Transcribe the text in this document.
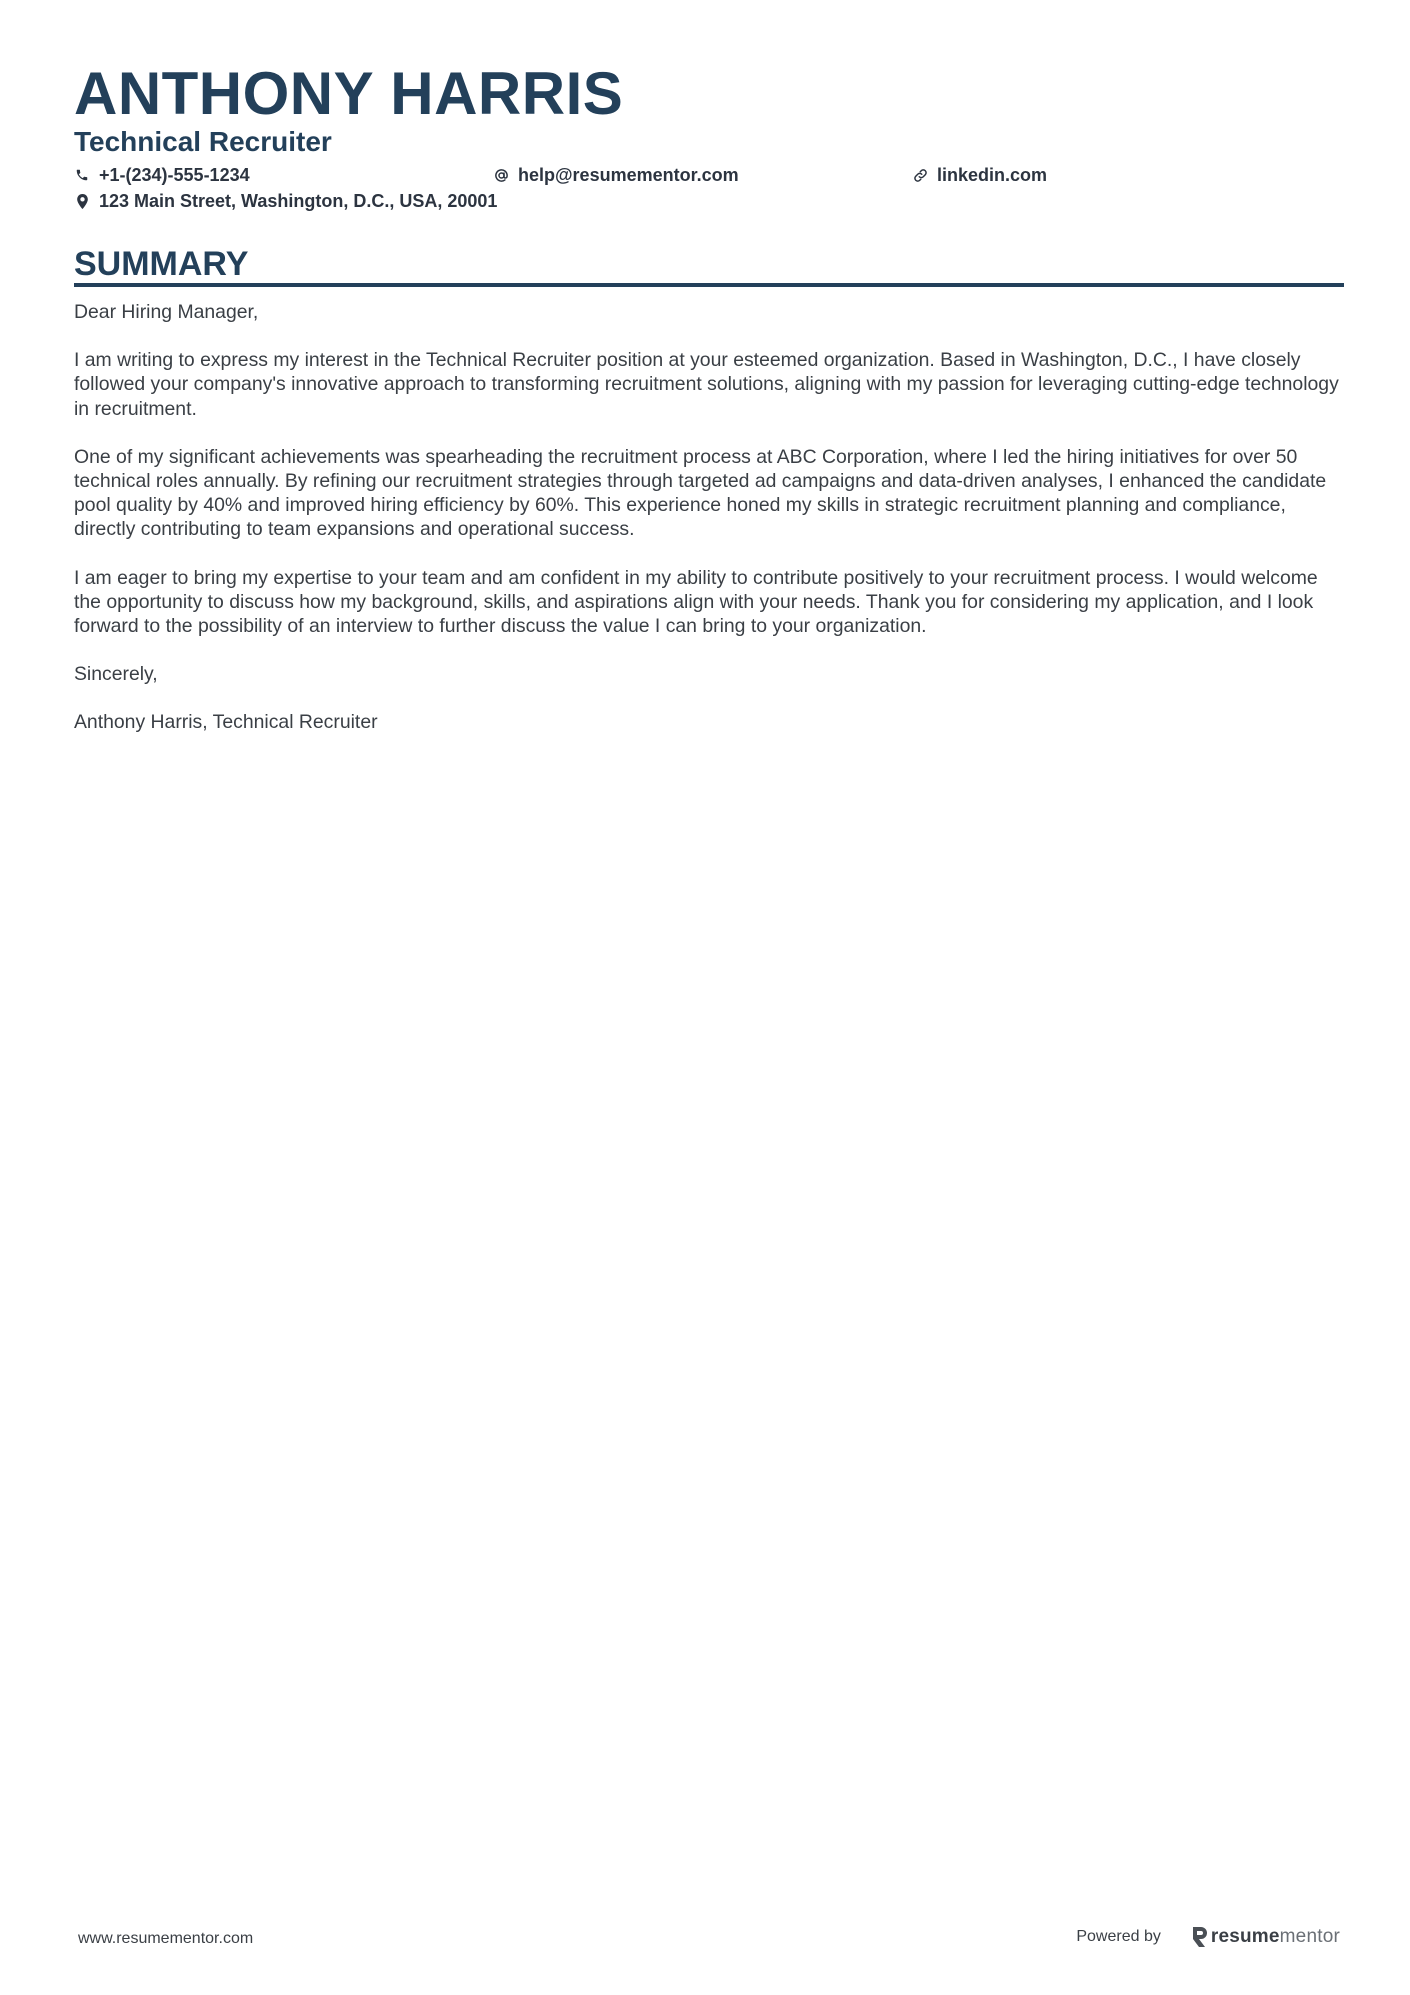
ANTHONY HARRIS
Technical Recruiter
+1-(234)-555-1234	help@resumementor.com	linkedin.com
123 Main Street, Washington, D.C., USA, 20001
SUMMARY

Dear Hiring Manager,

I am writing to express my interest in the Technical Recruiter position at your esteemed organization. Based in Washington, D.C., I have closely followed your company's innovative approach to transforming recruitment solutions, aligning with my passion for leveraging cutting-edge technology in recruitment.

One of my significant achievements was spearheading the recruitment process at ABC Corporation, where I led the hiring initiatives for over 50 technical roles annually. By refining our recruitment strategies through targeted ad campaigns and data-driven analyses, I enhanced the candidate pool quality by 40% and improved hiring efficiency by 60%. This experience honed my skills in strategic recruitment planning and compliance, directly contributing to team expansions and operational success.

I am eager to bring my expertise to your team and am confident in my ability to contribute positively to your recruitment process. I would welcome the opportunity to discuss how my background, skills, and aspirations align with your needs. Thank you for considering my application, and I look forward to the possibility of an interview to further discuss the value I can bring to your organization.

Sincerely,

Anthony Harris, Technical Recruiter

www.resumementor.com	Powered by	resumementor
